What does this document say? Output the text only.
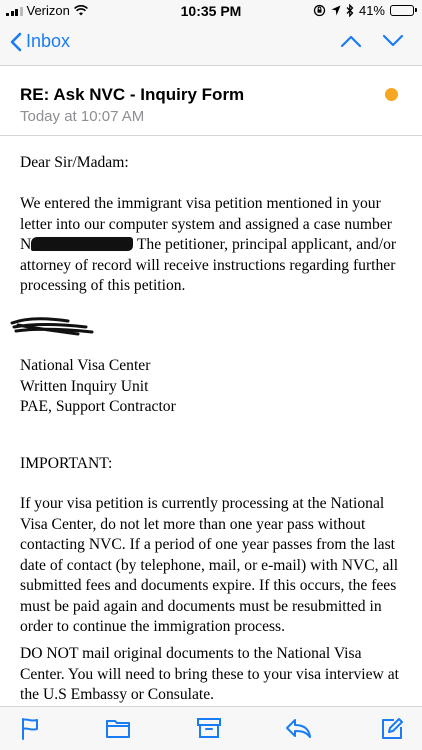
Verizon	10:35 PM	41%
Inbox
RE: Ask NVC - Inquiry Form
Today at 10:07 AM

Dear Sir/Madam:

We entered the immigrant visa petition mentioned in your letter into our computer system and assigned a case number N	The petitioner, principal applicant, and/or attorney of record will receive instructions regarding further processing of this petition.

National Visa Center

Written Inquiry Unit

PAE, Support Contractor

IMPORTANT:

If your visa petition is currently processing at the National Visa Center, do not let more than one year pass without contacting NVC. If a period of one year passes from the last date of contact (by telephone, mail, or e-mail) with NVC, all submitted fees and documents expire. If this occurs, the fees must be paid again and documents must be resubmitted in order to continue the immigration process.

DO NOT mail original documents to the National Visa Center. You will need to bring these to your visa interview at the U.S Embassy or Consulate.
